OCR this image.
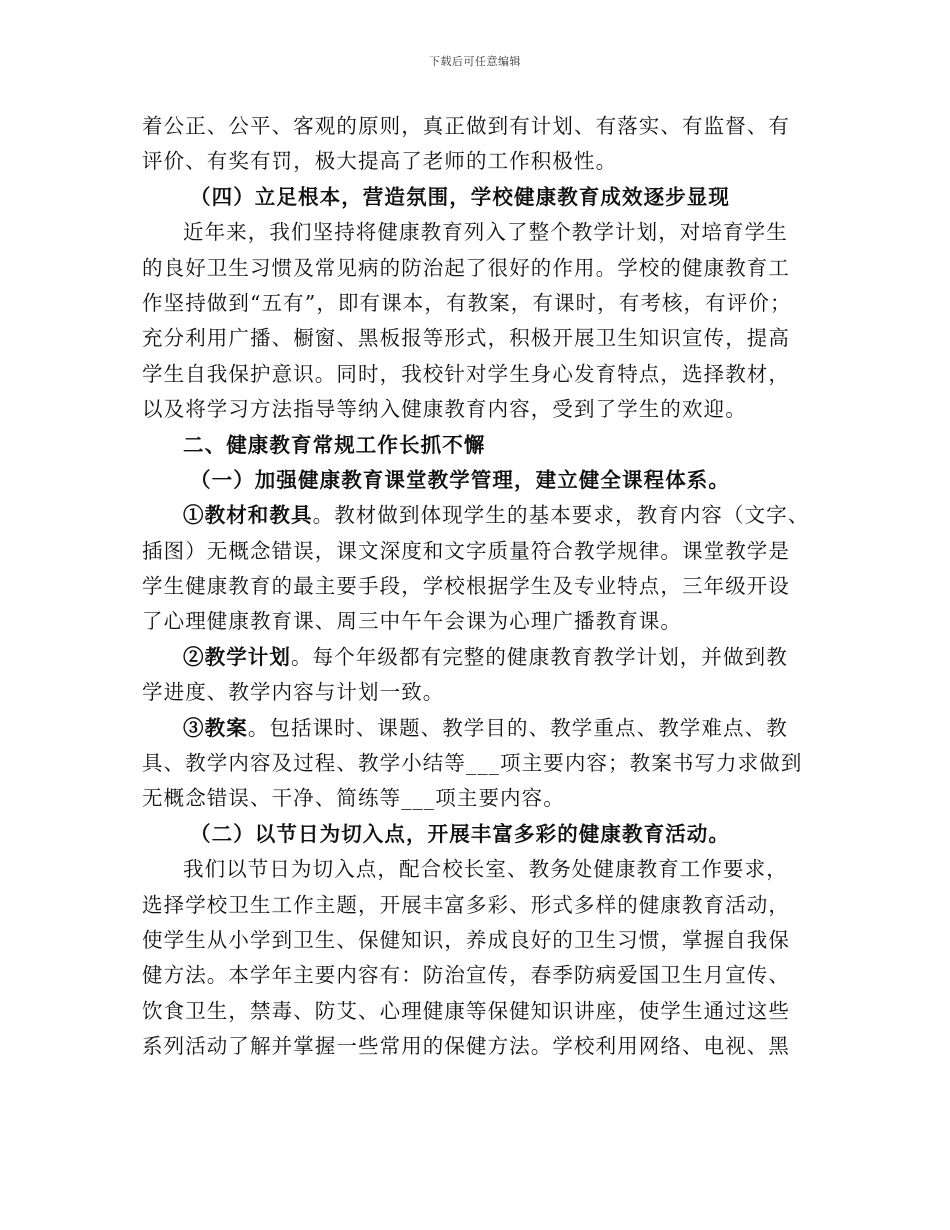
下载后可任意编辑
着公正、公平、客观的原则，真正做到有计划、有落实、有监督、有
评价、有奖有罚，极大提高了老师的工作积极性。
（四）立足根本，营造氛围，学校健康教育成效逐步显现
近年来，我们坚持将健康教育列入了整个教学计划，对培育学生
的良好卫生习惯及常见病的防治起了很好的作用。学校的健康教育工
作坚持做到“五有”，即有课本，有教案，有课时，有考核，有评价；
充分利用广播、橱窗、黑板报等形式，积极开展卫生知识宣传，提高
学生自我保护意识。同时，我校针对学生身心发育特点，选择教材，
以及将学习方法指导等纳入健康教育内容，受到了学生的欢迎。
二、健康教育常规工作长抓不懈
（一）加强健康教育课堂教学管理，建立健全课程体系。
①教材和教具。教材做到体现学生的基本要求，教育内容（文字、
插图）无概念错误，课文深度和文字质量符合教学规律。课堂教学是
学生健康教育的最主要手段，学校根据学生及专业特点，三年级开设
了心理健康教育课、周三中午午会课为心理广播教育课。
②教学计划。每个年级都有完整的健康教育教学计划，并做到教
学进度、教学内容与计划一致。
③教案。包括课时、课题、教学目的、教学重点、教学难点、教
具、教学内容及过程、教学小结等___项主要内容；教案书写力求做到
无概念错误、干净、简练等___项主要内容。
（二）以节日为切入点，开展丰富多彩的健康教育活动。
我们以节日为切入点，配合校长室、教务处健康教育工作要求，
选择学校卫生工作主题，开展丰富多彩、形式多样的健康教育活动，
使学生从小学到卫生、保健知识，养成良好的卫生习惯，掌握自我保
健方法。本学年主要内容有：防治宣传，春季防病爱国卫生月宣传、
饮食卫生，禁毒、防艾、心理健康等保健知识讲座，使学生通过这些
系列活动了解并掌握一些常用的保健方法。学校利用网络、电视、黑
